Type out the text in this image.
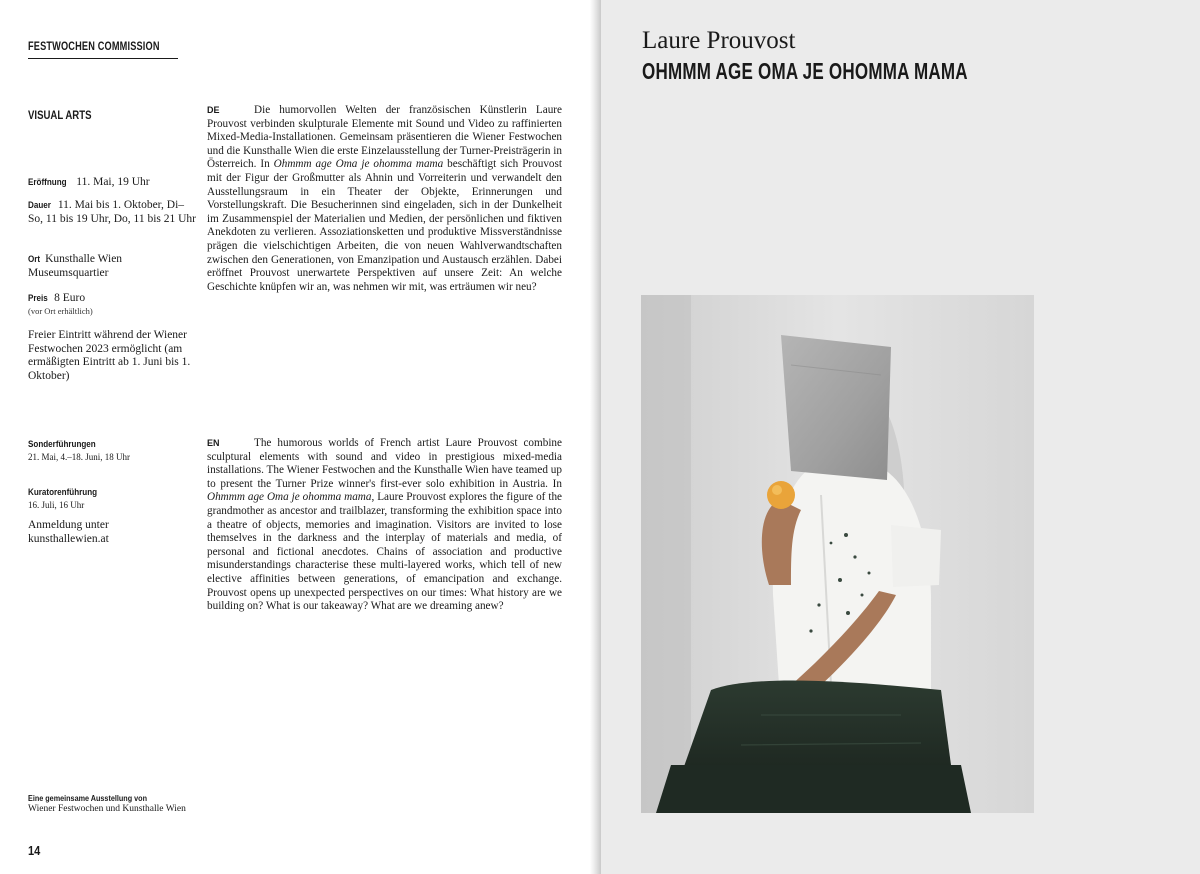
FESTWOCHEN COMMISSION
VISUAL ARTS
Eröffnung 11. Mai, 19 Uhr
Dauer 11. Mai bis 1. Oktober, Di–So, 11 bis 19 Uhr, Do, 11 bis 21 Uhr
Ort Kunsthalle Wien Museumsquartier
Preis 8 Euro
(vor Ort erhältlich)
Freier Eintritt während der Wiener Festwochen 2023 ermöglicht (am ermäßigten Eintritt ab 1. Juni bis 1. Oktober)
Sonderführungen
21. Mai, 4.–18. Juni, 18 Uhr
Kuratorenführung
16. Juli, 16 Uhr
Anmeldung unter kunsthallewien.at

DE	Die humorvollen Welten der französischen Künstlerin Laure Prouvost verbinden skulpturale Elemente mit Sound und Video zu raffinierten Mixed-Media-Installationen. Gemeinsam präsentieren die Wiener Festwochen und die Kunsthalle Wien die erste Einzelausstellung der Turner-Preisträgerin in Österreich. In Ohmmm age Oma je ohomma mama beschäftigt sich Prouvost mit der Figur der Großmutter als Ahnin und Vorreiterin und verwandelt den Ausstellungsraum in ein Theater der Objekte, Erinnerungen und Vorstellungskraft. Die Besucherinnen sind eingeladen, sich in der Dunkelheit im Zusammenspiel der Materialien und Medien, der persönlichen und fiktiven Anekdoten zu verlieren. Assoziationsketten und produktive Missverständnisse prägen die vielschichtigen Arbeiten, die von neuen Wahlverwandtschaften zwischen den Generationen, von Emanzipation und Austausch erzählen. Dabei eröffnet Prouvost unerwartete Perspektiven auf unsere Zeit: An welche Geschichte knüpfen wir an, was nehmen wir mit, was erträumen wir neu?

EN	The humorous worlds of French artist Laure Prouvost combine sculptural elements with sound and video in prestigious mixed-media installations. The Wiener Festwochen and the Kunsthalle Wien have teamed up to present the Turner Prize winner's first-ever solo exhibition in Austria. In Ohmmm age Oma je ohomma mama, Laure Prouvost explores the figure of the grandmother as ancestor and trailblazer, transforming the exhibition space into a theatre of objects, memories and imagination. Visitors are invited to lose themselves in the darkness and the interplay of materials and media, of personal and fictional anecdotes. Chains of association and productive misunderstandings characterise these multi-layered works, which tell of new elective affinities between generations, of emancipation and exchange. Prouvost opens up unexpected perspectives on our times: What history are we building on? What is our takeaway? What are we dreaming anew?

Eine gemeinsame Ausstellung von
Wiener Festwochen und Kunsthalle Wien
14
Laure Prouvost
OHMMM AGE OMA JE OHOMMA MAMA
